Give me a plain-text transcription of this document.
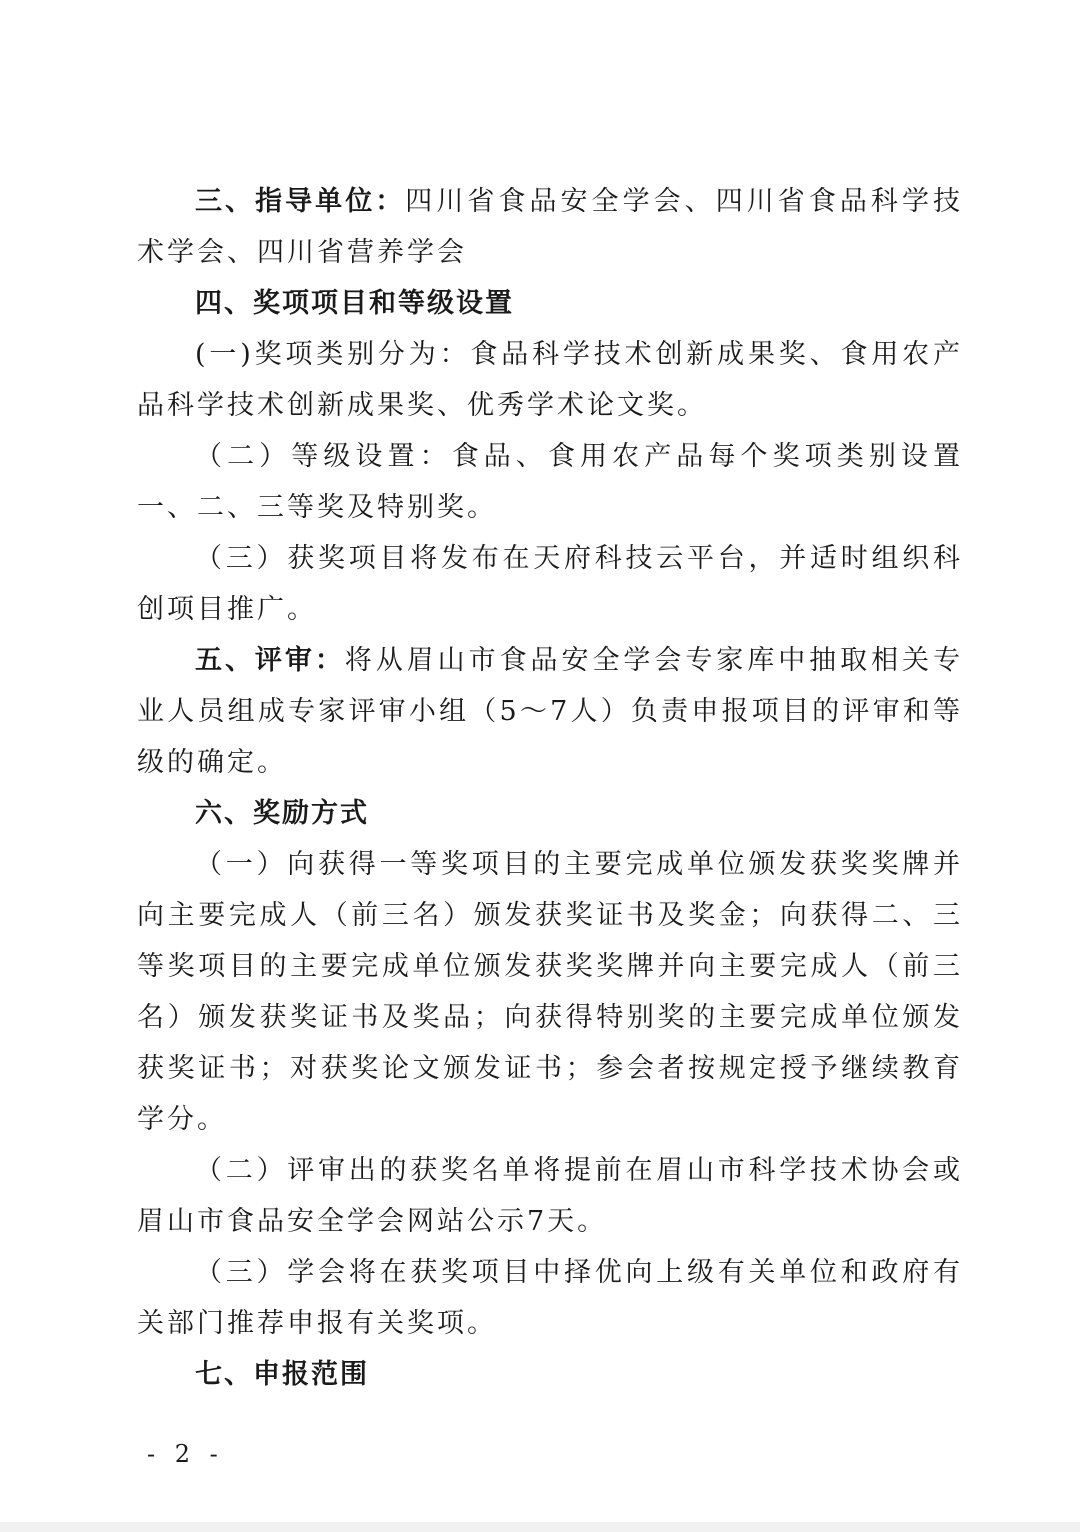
三、指导单位：四川省食品安全学会、四川省食品科学技术学会、四川省营养学会

四、奖项项目和等级设置

(一)奖项类别分为：食品科学技术创新成果奖、食用农产品科学技术创新成果奖、优秀学术论文奖。

（二）等级设置：食品、食用农产品每个奖项类别设置一、二、三等奖及特别奖。

（三）获奖项目将发布在天府科技云平台，并适时组织科创项目推广。

五、评审：将从眉山市食品安全学会专家库中抽取相关专业人员组成专家评审小组（5～7人）负责申报项目的评审和等级的确定。

六、奖励方式

（一）向获得一等奖项目的主要完成单位颁发获奖奖牌并向主要完成人（前三名）颁发获奖证书及奖金；向获得二、三等奖项目的主要完成单位颁发获奖奖牌并向主要完成人（前三名）颁发获奖证书及奖品；向获得特别奖的主要完成单位颁发获奖证书；对获奖论文颁发证书；参会者按规定授予继续教育学分。

（二）评审出的获奖名单将提前在眉山市科学技术协会或眉山市食品安全学会网站公示7天。

（三）学会将在获奖项目中择优向上级有关单位和政府有关部门推荐申报有关奖项。

七、申报范围

- 2 -
